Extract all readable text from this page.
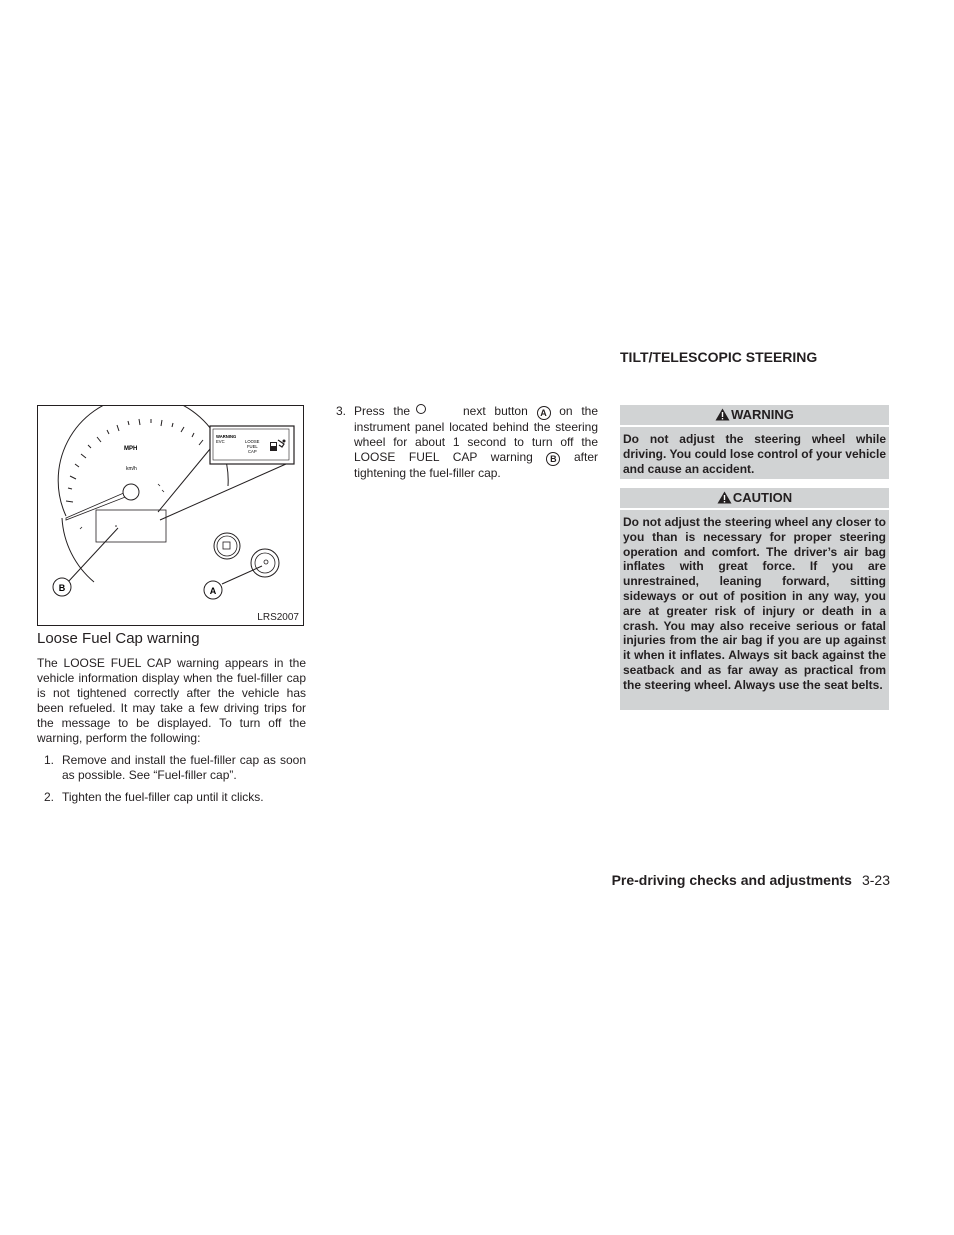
MPH
km/h
WARNING
EVC	LOOSE
FUEL
CAP
A
B
LRS2007
Loose Fuel Cap warning
The LOOSE FUEL CAP warning appears in the vehicle information display when the fuel-filler cap is not tightened correctly after the vehicle has been refueled. It may take a few driving trips for the message to be displayed. To turn off the warning, perform the following:
1. Remove and install the fuel-filler cap as soon as possible. See “Fuel-filler cap”.
2. Tighten the fuel-filler cap until it clicks.
3. Press the	next button A on the instrument panel located behind the steering wheel for about 1 second to turn off the LOOSE FUEL CAP warning B after tightening the fuel-filler cap.
TILT/TELESCOPIC STEERING
WARNING
Do not adjust the steering wheel while driving. You could lose control of your vehicle and cause an accident.
CAUTION
Do not adjust the steering wheel any closer to you than is necessary for proper steering operation and comfort. The driver’s air bag inflates with great force. If you are unrestrained, leaning forward, sitting sideways or out of position in any way, you are at greater risk of injury or death in a crash. You may also receive serious or fatal injuries from the air bag if you are up against it when it inflates. Always sit back against the seatback and as far away as practical from the steering wheel. Always use the seat belts.
Pre-driving checks and adjustments 3-23
